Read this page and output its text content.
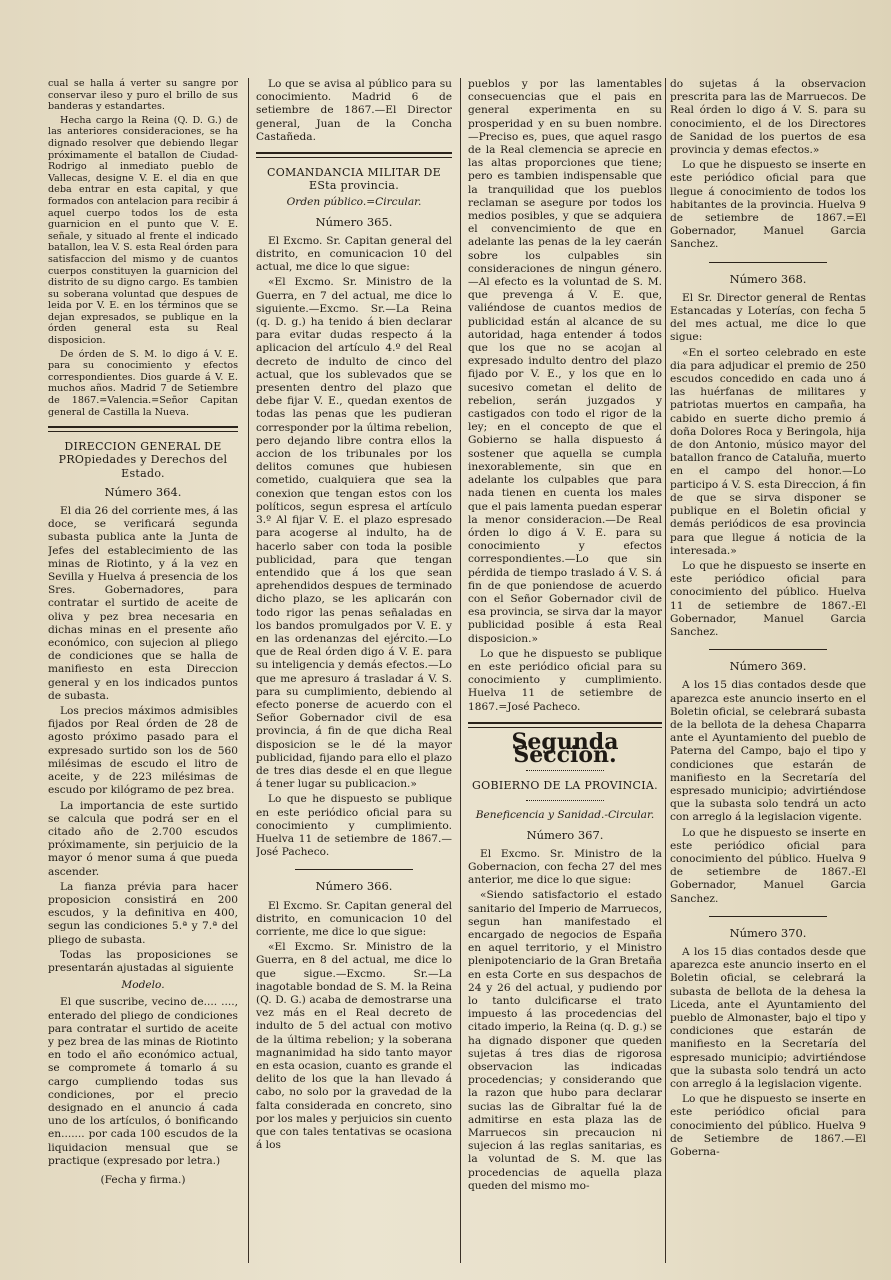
cual se halla á verter su sangre por conservar ileso y puro el brillo de sus banderas y estandartes.

Hecha cargo la Reina (Q. D. G.) de las anteriores consideraciones, se ha dignado resolver que debiendo llegar próximamente el batallon de Ciudad-Rodrigo al inmediato pueblo de Vallecas, designe V. E. el dia en que deba entrar en esta capital, y que formados con antelacion para recibir á aquel cuerpo todos los de esta guarnicion en el punto que V. E. señale, y situado al frente el indicado batallon, lea V. S. esta Real órden para satisfaccion del mismo y de cuantos cuerpos constituyen la guarnicion del distrito de su digno cargo. Es tambien su soberana voluntad que despues de leida por V. E. en los términos que se dejan expresados, se publique en la órden general esta su Real disposicion.

De órden de S. M. lo digo á V. E. para su conocimiento y efectos correspondientes. Dios guarde á V. E. muchos años. Madrid 7 de Setiembre de 1867.=Valencia.=Señor Capitan general de Castilla la Nueva.

DIRECCION GENERAL DE PROpiedades y Derechos del Estado.
Número 364.

El dia 26 del corriente mes, á las doce, se verificará segunda subasta publica ante la Junta de Jefes del establecimiento de las minas de Riotinto, y á la vez en Sevilla y Huelva á presencia de los Sres. Gobernadores, para contratar el surtido de aceite de oliva y pez brea necesaria en dichas minas en el presente año económico, con sujecion al pliego de condiciones que se halla de manifiesto en esta Direccion general y en los indicados puntos de subasta.

Los precios máximos admisibles fijados por Real órden de 28 de agosto próximo pasado para el expresado surtido son los de 560 milésimas de escudo el litro de aceite, y de 223 milésimas de escudo por kilógramo de pez brea.

La importancia de este surtido se calcula que podrá ser en el citado año de 2.700 escudos próximamente, sin perjuicio de la mayor ó menor suma á que pueda ascender.

La fianza prévia para hacer proposicion consistirá en 200 escudos, y la definitiva en 400, segun las condiciones 5.ª y 7.ª del pliego de subasta.

Todas las proposiciones se presentarán ajustadas al siguiente

Modelo.

El que suscribe, vecino de.... ...., enterado del pliego de condiciones para contratar el surtido de aceite y pez brea de las minas de Riotinto en todo el año económico actual, se compromete á tomarlo á su cargo cumpliendo todas sus condiciones, por el precio designado en el anuncio á cada uno de los artículos, ó bonificando en....... por cada 100 escudos de la liquidacion mensual que se practique (expresado por letra.)

(Fecha y firma.)

Lo que se avisa al público para su conocimiento. Madrid 6 de setiembre de 1867.—El Director general, Juan de la Concha Castañeda.

COMANDANCIA MILITAR DE ESta provincia.
Orden público.=Circular.
Número 365.

El Excmo. Sr. Capitan general del distrito, en comunicacion 10 del actual, me dice lo que sigue:

«El Excmo. Sr. Ministro de la Guerra, en 7 del actual, me dice lo siguiente.—Excmo. Sr.—La Reina (q. D. g.) ha tenido á bien declarar para evitar dudas respecto á la aplicacion del artículo 4.º del Real decreto de indulto de cinco del actual, que los sublevados que se presenten dentro del plazo que debe fijar V. E., quedan exentos de todas las penas que les pudieran corresponder por la última rebelion, pero dejando libre contra ellos la accion de los tribunales por los delitos comunes que hubiesen cometido, cualquiera que sea la conexion que tengan estos con los políticos, segun espresa el artículo 3.º Al fijar V. E. el plazo espresado para acogerse al indulto, ha de hacerlo saber con toda la posible publicidad, para que tengan entendido que á los que sean aprehendidos despues de terminado dicho plazo, se les aplicarán con todo rigor las penas señaladas en los bandos promulgados por V. E. y en las ordenanzas del ejército.—Lo que de Real órden digo á V. E. para su inteligencia y demás efectos.—Lo que me apresuro á trasladar á V. S. para su cumplimiento, debiendo al efecto ponerse de acuerdo con el Señor Gobernador civil de esa provincia, á fin de que dicha Real disposicion se le dé la mayor publicidad, fijando para ello el plazo de tres dias desde el en que llegue á tener lugar su publicacion.»

Lo que he dispuesto se publique en este periódico oficial para su conocimiento y cumplimiento. Huelva 11 de setiembre de 1867.—José Pacheco.

Número 366.

El Excmo. Sr. Capitan general del distrito, en comunicacion 10 del corriente, me dice lo que sigue:

«El Excmo. Sr. Ministro de la Guerra, en 8 del actual, me dice lo que sigue.—Excmo. Sr.—La inagotable bondad de S. M. la Reina (Q. D. G.) acaba de demostrarse una vez más en el Real decreto de indulto de 5 del actual con motivo de la última rebelion; y la soberana magnanimidad ha sido tanto mayor en esta ocasion, cuanto es grande el delito de los que la han llevado á cabo, no solo por la gravedad de la falta considerada en concreto, sino por los males y perjuicios sin cuento que con tales tentativas se ocasiona á los

pueblos y por las lamentables consecuencias que el pais en general experimenta en su prosperidad y en su buen nombre.—Preciso es, pues, que aquel rasgo de la Real clemencia se aprecie en las altas proporciones que tiene; pero es tambien indispensable que la tranquilidad que los pueblos reclaman se asegure por todos los medios posibles, y que se adquiera el convencimiento de que en adelante las penas de la ley caerán sobre los culpables sin consideraciones de ningun género.—Al efecto es la voluntad de S. M. que prevenga á V. E. que, valiéndose de cuantos medios de publicidad están al alcance de su autoridad, haga entender á todos que los que no se acojan al expresado indulto dentro del plazo fijado por V. E., y los que en lo sucesivo cometan el delito de rebelion, serán juzgados y castigados con todo el rigor de la ley; en el concepto de que el Gobierno se halla dispuesto á sostener que aquella se cumpla inexorablemente, sin que en adelante los culpables que para nada tienen en cuenta los males que el pais lamenta puedan esperar la menor consideracion.—De Real órden lo digo á V. E. para su conocimiento y efectos correspondientes.—Lo que sin pérdida de tiempo traslado á V. S. á fin de que poniendose de acuerdo con el Señor Gobernador civil de esa provincia, se sirva dar la mayor publicidad posible á esta Real disposicion.»

Lo que he dispuesto se publique en este periódico oficial para su conocimiento y cumplimiento. Huelva 11 de setiembre de 1867.=José Pacheco.

Segunda Seccion.
GOBIERNO DE LA PROVINCIA.
Beneficencia y Sanidad.-Circular.
Número 367.

El Excmo. Sr. Ministro de la Gobernacion, con fecha 27 del mes anterior, me dice lo que sigue:

«Siendo satisfactorio el estado sanitario del Imperio de Marruecos, segun han manifestado el encargado de negocios de España en aquel territorio, y el Ministro plenipotenciario de la Gran Bretaña en esta Corte en sus despachos de 24 y 26 del actual, y pudiendo por lo tanto dulcificarse el trato impuesto á las procedencias del citado imperio, la Reina (q. D. g.) se ha dignado disponer que queden sujetas á tres dias de rigorosa observacion las indicadas procedencias; y considerando que la razon que hubo para declarar sucias las de Gibraltar fué la de admitirse en esta plaza las de Marruecos sin precaucion ni sujecion á las reglas sanitarias, es la voluntad de S. M. que las procedencias de aquella plaza queden del mismo mo-

do sujetas á la observacion prescrita para las de Marruecos. De Real órden lo digo á V. S. para su conocimiento, el de los Directores de Sanidad de los puertos de esa provincia y demas efectos.»

Lo que he dispuesto se inserte en este periódico oficial para que llegue á conocimiento de todos los habitantes de la provincia. Huelva 9 de setiembre de 1867.=El Gobernador, Manuel Garcia Sanchez.

Número 368.

El Sr. Director general de Rentas Estancadas y Loterías, con fecha 5 del mes actual, me dice lo que sigue:

«En el sorteo celebrado en este dia para adjudicar el premio de 250 escudos concedido en cada uno á las huérfanas de militares y patriotas muertos en campaña, ha cabido en suerte dicho premio á doña Dolores Roca y Beringola, hija de don Antonio, músico mayor del batallon franco de Cataluña, muerto en el campo del honor.—Lo participo á V. S. esta Direccion, á fin de que se sirva disponer se publique en el Boletin oficial y demás periódicos de esa provincia para que llegue á noticia de la interesada.»

Lo que he dispuesto se inserte en este periódico oficial para conocimiento del público. Huelva 11 de setiembre de 1867.-El Gobernador, Manuel Garcia Sanchez.

Número 369.

A los 15 dias contados desde que aparezca este anuncio inserto en el Boletin oficial, se celebrará subasta de la bellota de la dehesa Chaparra ante el Ayuntamiento del pueblo de Paterna del Campo, bajo el tipo y condiciones que estarán de manifiesto en la Secretaría del espresado municipio; advirtiéndose que la subasta solo tendrá un acto con arreglo á la legislacion vigente.

Lo que he dispuesto se inserte en este periódico oficial para conocimiento del público. Huelva 9 de setiembre de 1867.-El Gobernador, Manuel Garcia Sanchez.

Número 370.

A los 15 dias contados desde que aparezca este anuncio inserto en el Boletin oficial, se celebrará la subasta de bellota de la dehesa la Liceda, ante el Ayuntamiento del pueblo de Almonaster, bajo el tipo y condiciones que estarán de manifiesto en la Secretaría del espresado municipio; advirtiéndose que la subasta solo tendrá un acto con arreglo á la legislacion vigente.

Lo que he dispuesto se inserte en este periódico oficial para conocimiento del público. Huelva 9 de Setiembre de 1867.—El Goberna-
